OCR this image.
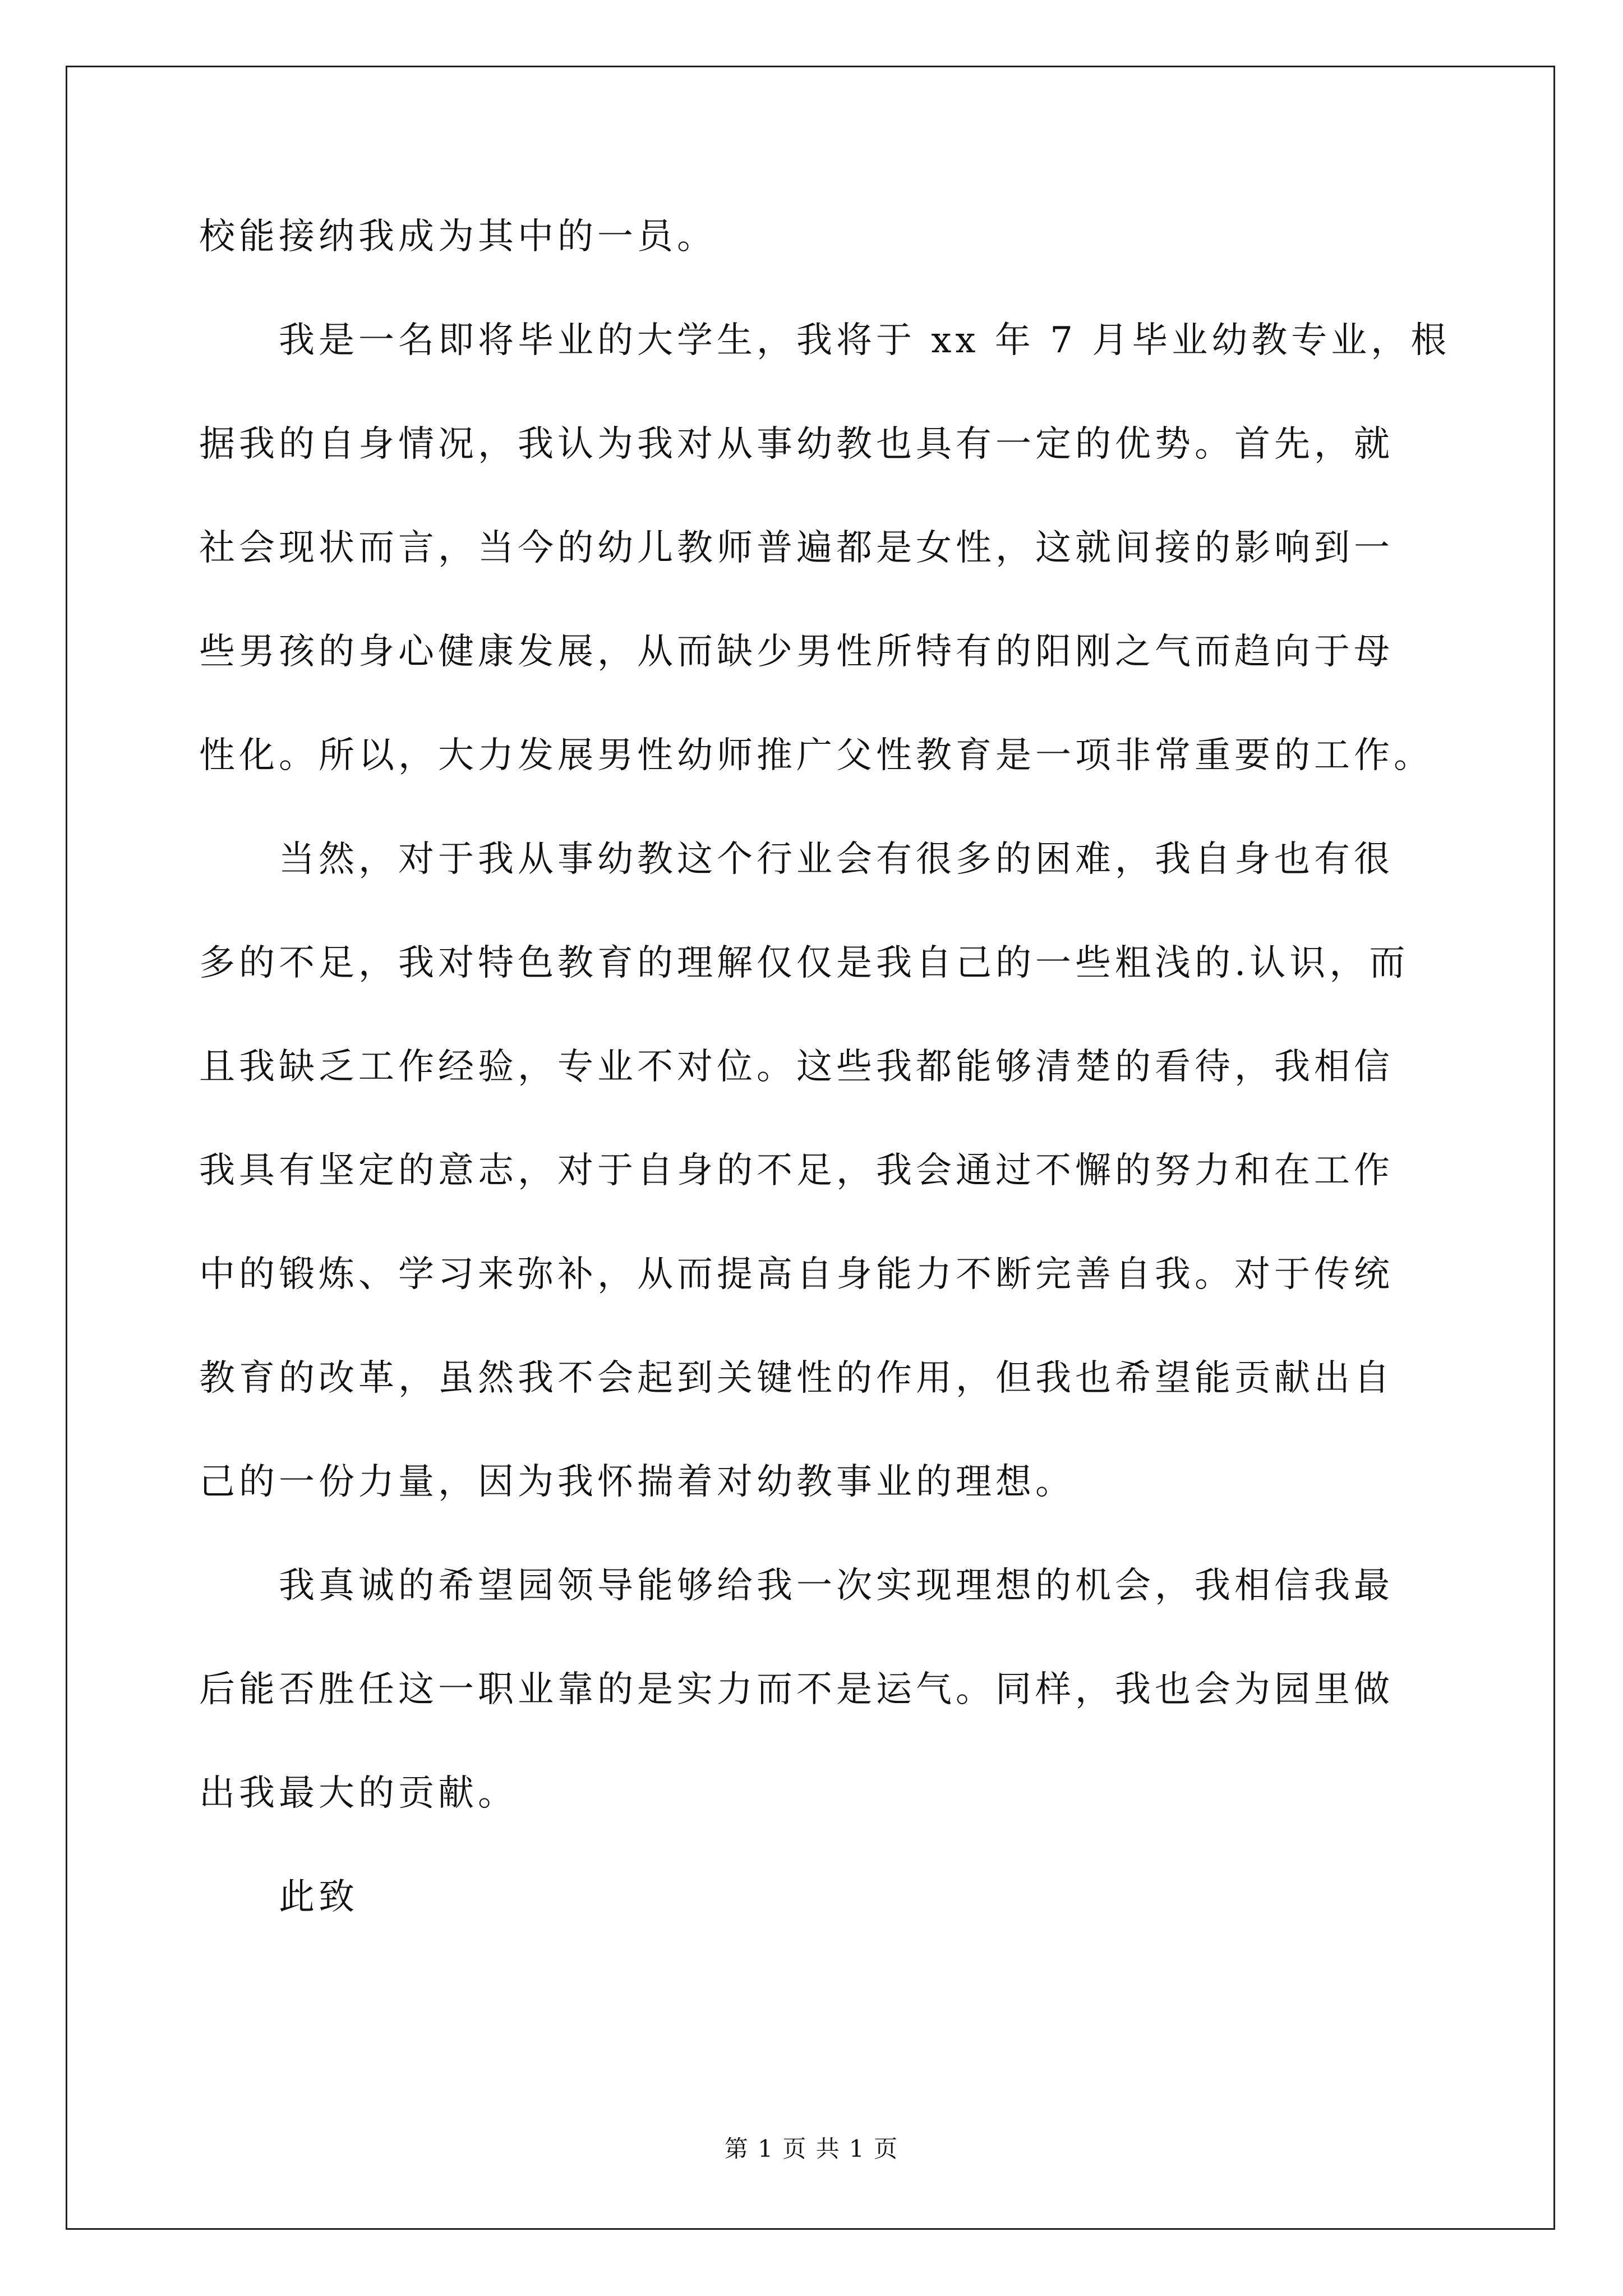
校能接纳我成为其中的一员。
我是一名即将毕业的大学生，我将于 xx 年 7 月毕业幼教专业，根
据我的自身情况，我认为我对从事幼教也具有一定的优势。首先，就
社会现状而言，当今的幼儿教师普遍都是女性，这就间接的影响到一
些男孩的身心健康发展，从而缺少男性所特有的阳刚之气而趋向于母
性化。所以，大力发展男性幼师推广父性教育是一项非常重要的工作。
当然，对于我从事幼教这个行业会有很多的困难，我自身也有很
多的不足，我对特色教育的理解仅仅是我自己的一些粗浅的.认识，而
且我缺乏工作经验，专业不对位。这些我都能够清楚的看待，我相信
我具有坚定的意志，对于自身的不足，我会通过不懈的努力和在工作
中的锻炼、学习来弥补，从而提高自身能力不断完善自我。对于传统
教育的改革，虽然我不会起到关键性的作用，但我也希望能贡献出自
己的一份力量，因为我怀揣着对幼教事业的理想。
我真诚的希望园领导能够给我一次实现理想的机会，我相信我最
后能否胜任这一职业靠的是实力而不是运气。同样，我也会为园里做
出我最大的贡献。
此致
第 1 页 共 1 页
